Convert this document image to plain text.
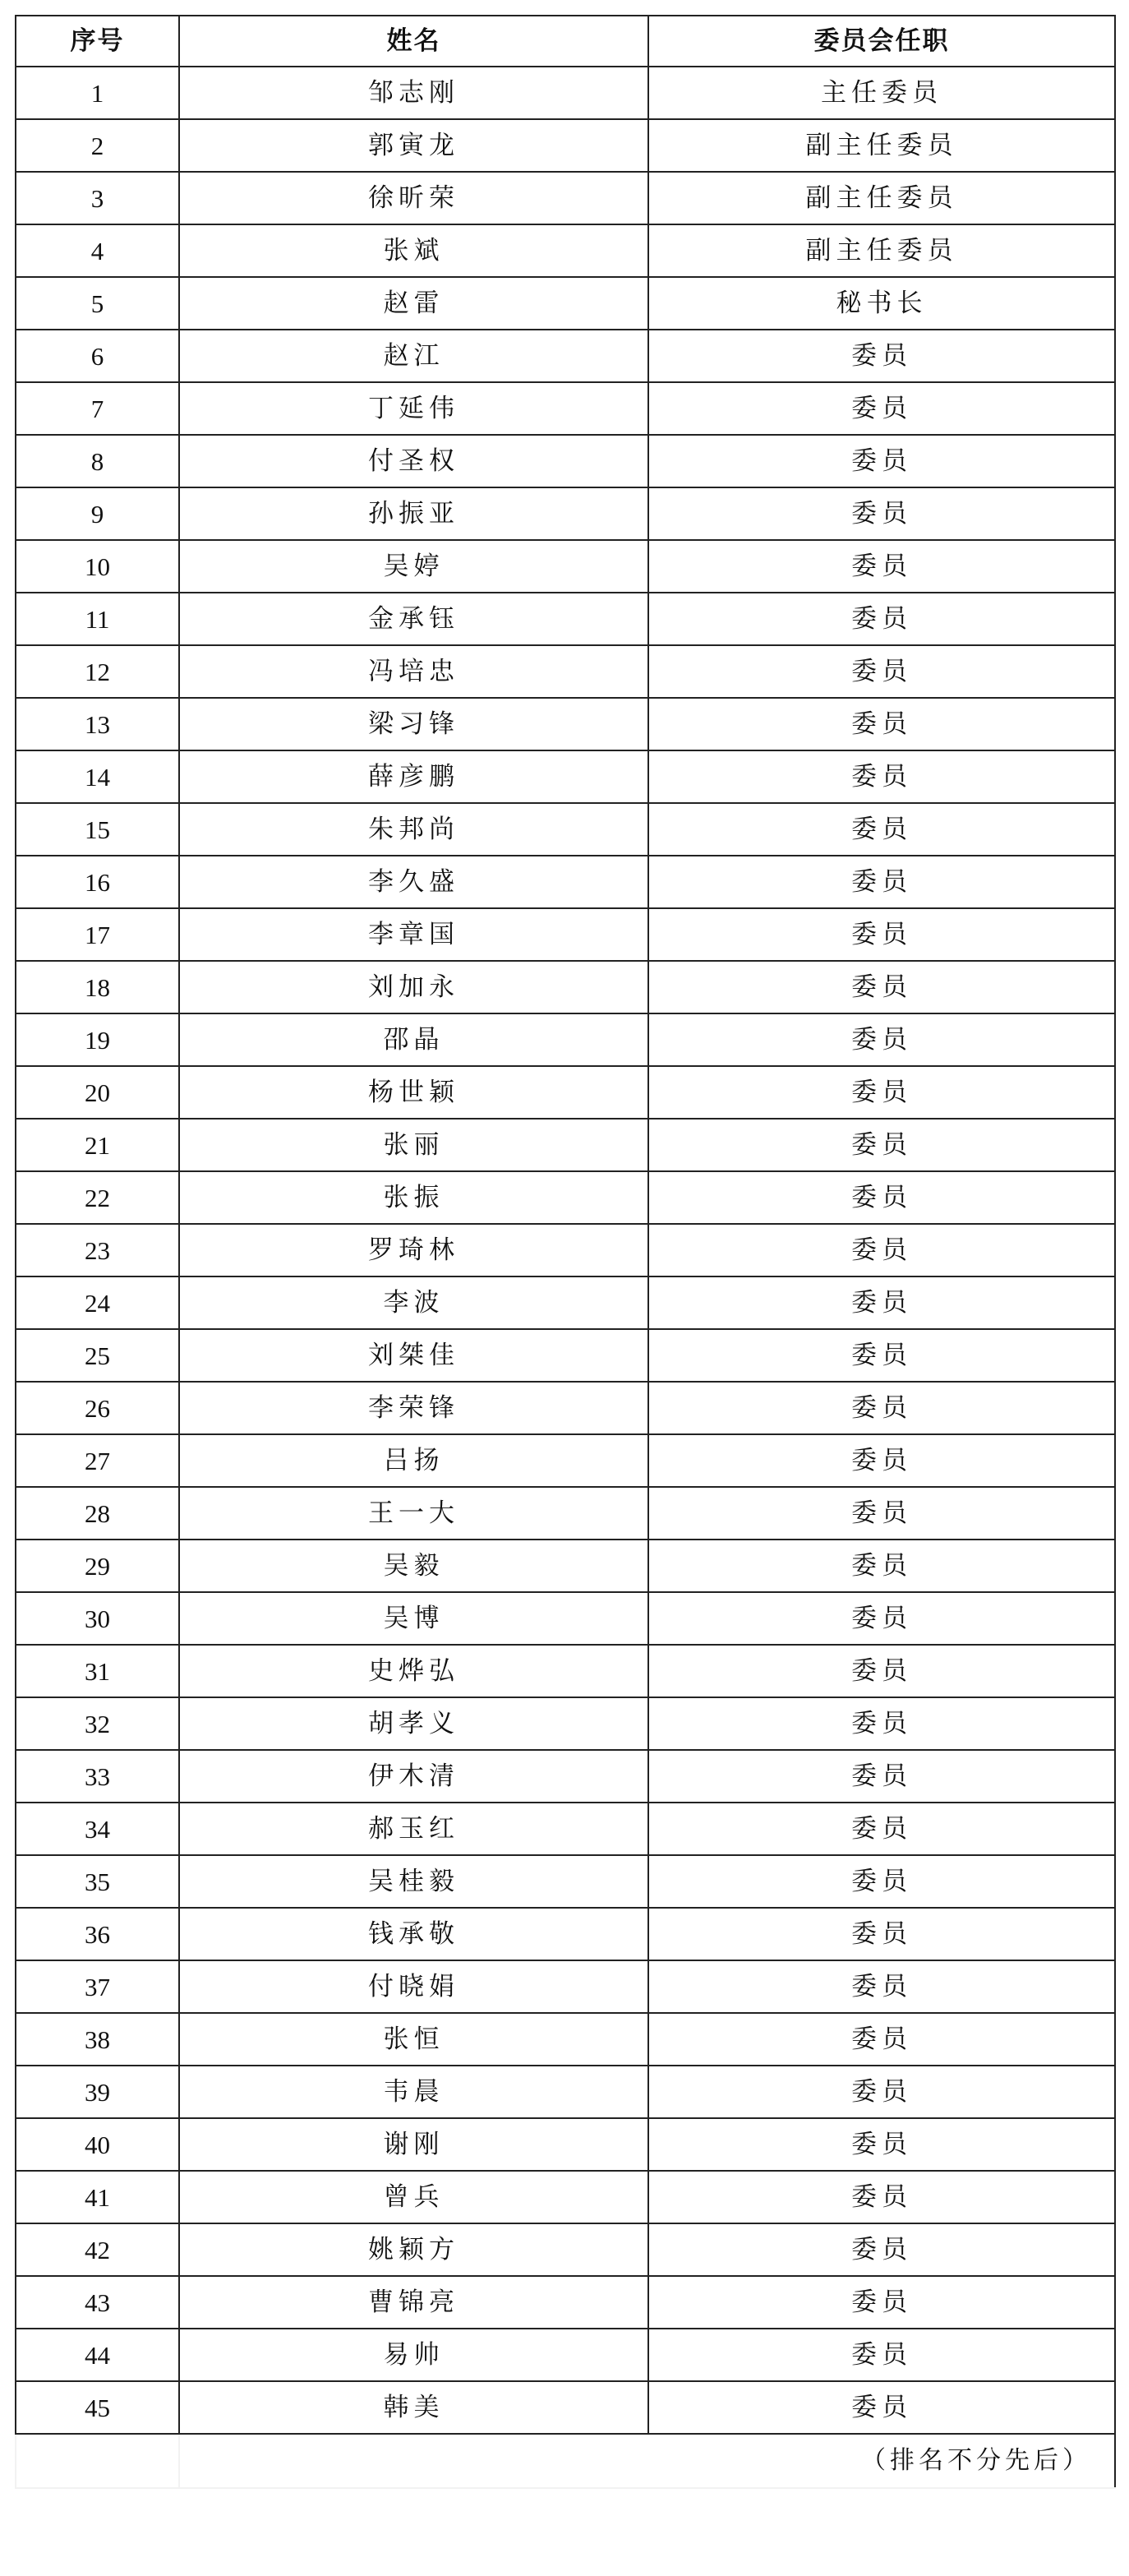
序号	姓名	委员会任职
1	邹志刚	主任委员
2	郭寅龙	副主任委员
3	徐昕荣	副主任委员
4	张斌	副主任委员
5	赵雷	秘书长
6	赵江	委员
7	丁延伟	委员
8	付圣权	委员
9	孙振亚	委员
10	吴婷	委员
11	金承钰	委员
12	冯培忠	委员
13	梁习锋	委员
14	薛彦鹏	委员
15	朱邦尚	委员
16	李久盛	委员
17	李章国	委员
18	刘加永	委员
19	邵晶	委员
20	杨世颖	委员
21	张丽	委员
22	张振	委员
23	罗琦林	委员
24	李波	委员
25	刘桀佳	委员
26	李荣锋	委员
27	吕扬	委员
28	王一大	委员
29	吴毅	委员
30	吴博	委员
31	史烨弘	委员
32	胡孝义	委员
33	伊木清	委员
34	郝玉红	委员
35	吴桂毅	委员
36	钱承敬	委员
37	付晓娟	委员
38	张恒	委员
39	韦晨	委员
40	谢刚	委员
41	曾兵	委员
42	姚颖方	委员
43	曹锦亮	委员
44	易帅	委员
45	韩美	委员
	（排名不分先后）	
